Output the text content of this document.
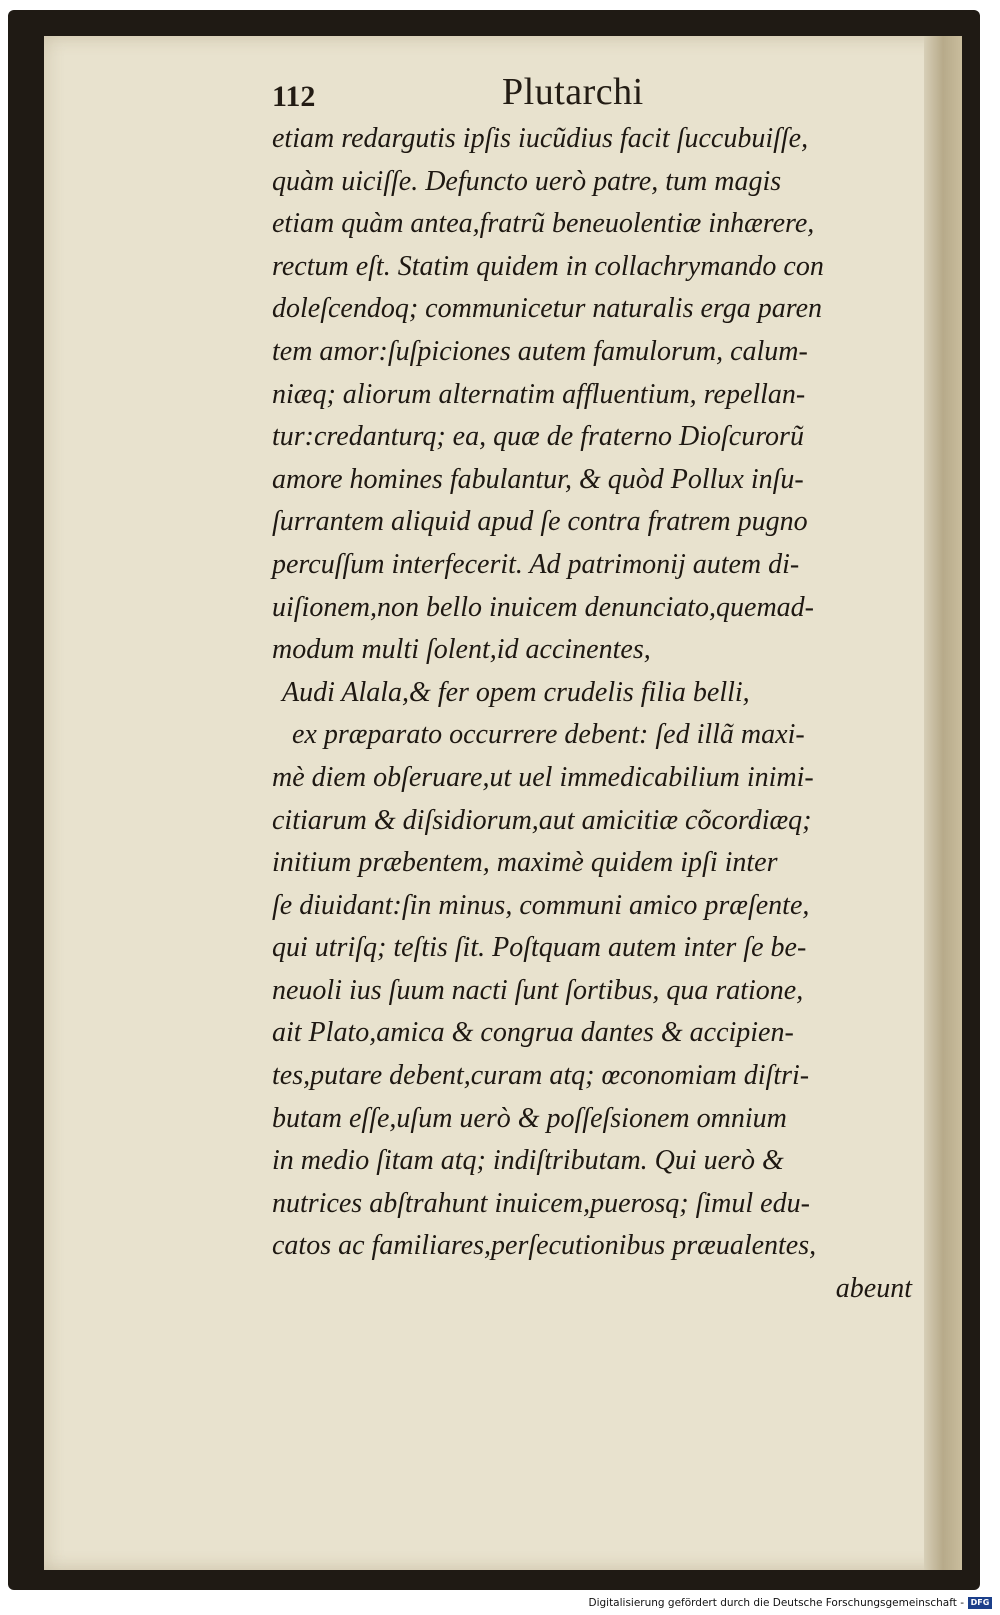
112	Plutarchi
etiam redargutis ipſis iucũdius facit ſuccubuiſſe,
quàm uiciſſe. Defuncto uerò patre, tum magis
etiam quàm antea,fratrũ beneuolentiæ inhærere,
rectum eſt. Statim quidem in collachrymando con
doleſcendoq; communicetur naturalis erga paren
tem amor:ſuſpiciones autem famulorum, calum-
niæq; aliorum alternatim affluentium, repellan-
tur:credanturq; ea, quæ de fraterno Dioſcurorũ
amore homines fabulantur, & quòd Pollux inſu-
ſurrantem aliquid apud ſe contra fratrem pugno
percuſſum interfecerit. Ad patrimonij autem di-
uiſionem,non bello inuicem denunciato,quemad-
modum multi ſolent,id accinentes,
Audi Alala,& fer opem crudelis filia belli,
ex præparato occurrere debent: ſed illã maxi-
mè diem obſeruare,ut uel immedicabilium inimi-
citiarum & diſsidiorum,aut amicitiæ cõcordiæq;
initium præbentem, maximè quidem ipſi inter
ſe diuidant:ſin minus, communi amico præſente,
qui utriſq; teſtis ſit. Poſtquam autem inter ſe be-
neuoli ius ſuum nacti ſunt ſortibus, qua ratione,
ait Plato,amica & congrua dantes & accipien-
tes,putare debent,curam atq; œconomiam diſtri-
butam eſſe,uſum uerò & poſſeſsionem omnium
in medio ſitam atq; indiſtributam. Qui uerò &
nutrices abſtrahunt inuicem,puerosq; ſimul edu-
catos ac familiares,perſecutionibus præualentes,
abeunt
Digitalisierung gefördert durch die Deutsche Forschungsgemeinschaft - DFG
